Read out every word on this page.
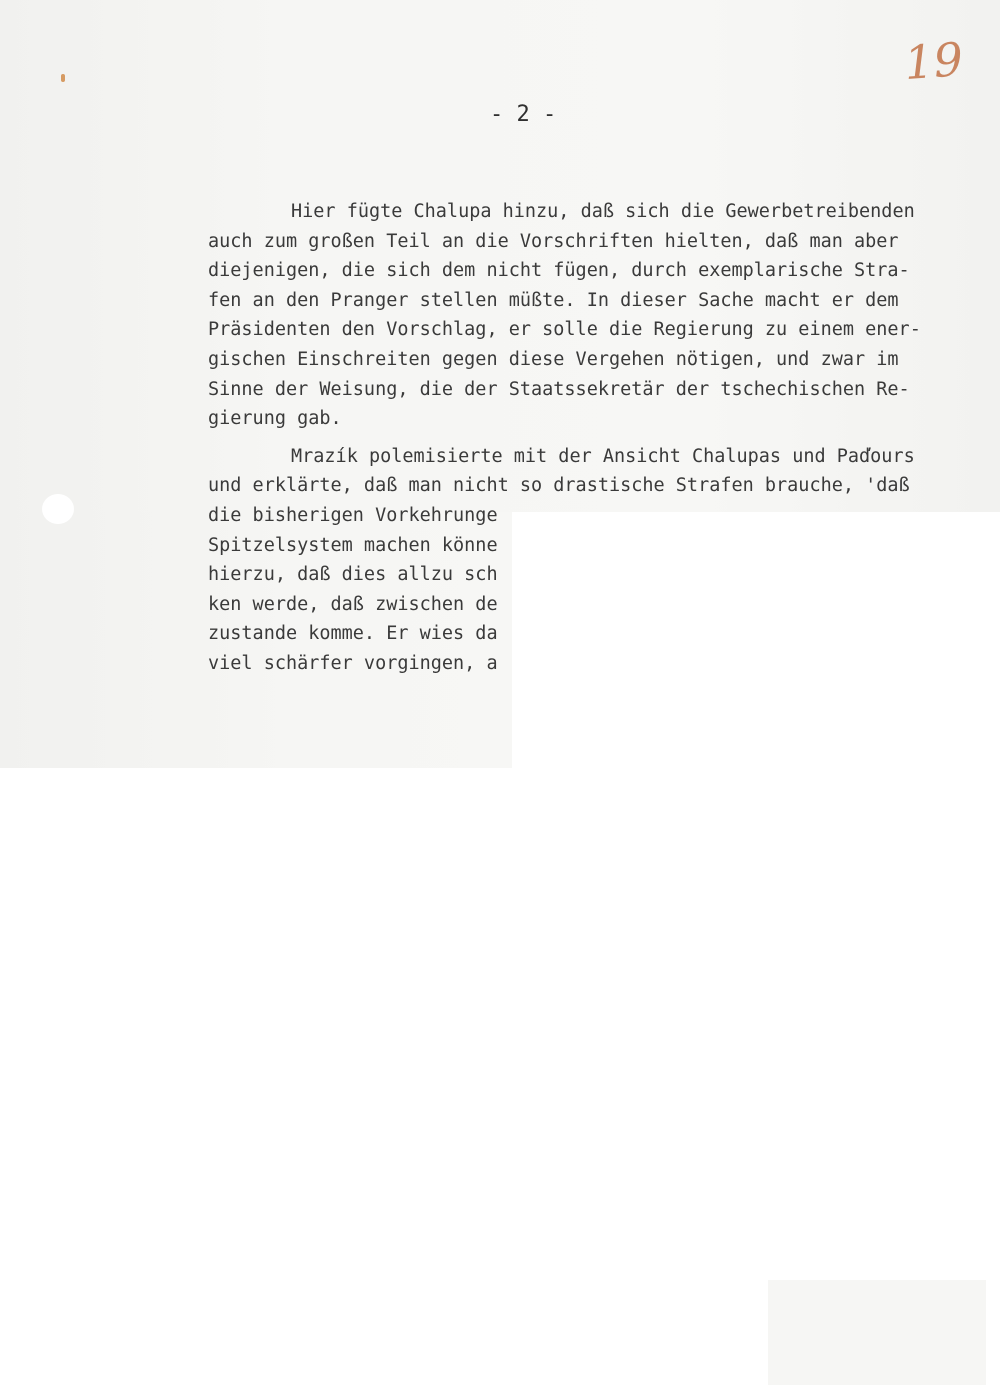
19
- 2 -
Hier fügte Chalupa hinzu, daß sich die Gewerbetreibenden
auch zum großen Teil an die Vorschriften hielten, daß man aber
diejenigen, die sich dem nicht fügen, durch exemplarische Stra-
fen an den Pranger stellen müßte. In dieser Sache macht er dem
Präsidenten den Vorschlag, er solle die Regierung zu einem ener-
gischen Einschreiten gegen diese Vergehen nötigen, und zwar im
Sinne der Weisung, die der Staatssekretär der tschechischen Re-
gierung gab.
Mrazík polemisierte mit der Ansicht Chalupas und Paďours
und erklärte, daß man nicht so drastische Strafen brauche, 'daß
die bisherigen Vorkehrunge
Spitzelsystem machen könne
hierzu, daß dies allzu sch
ken werde, daß zwischen de
zustande komme. Er wies da
viel schärfer vorgingen, a
